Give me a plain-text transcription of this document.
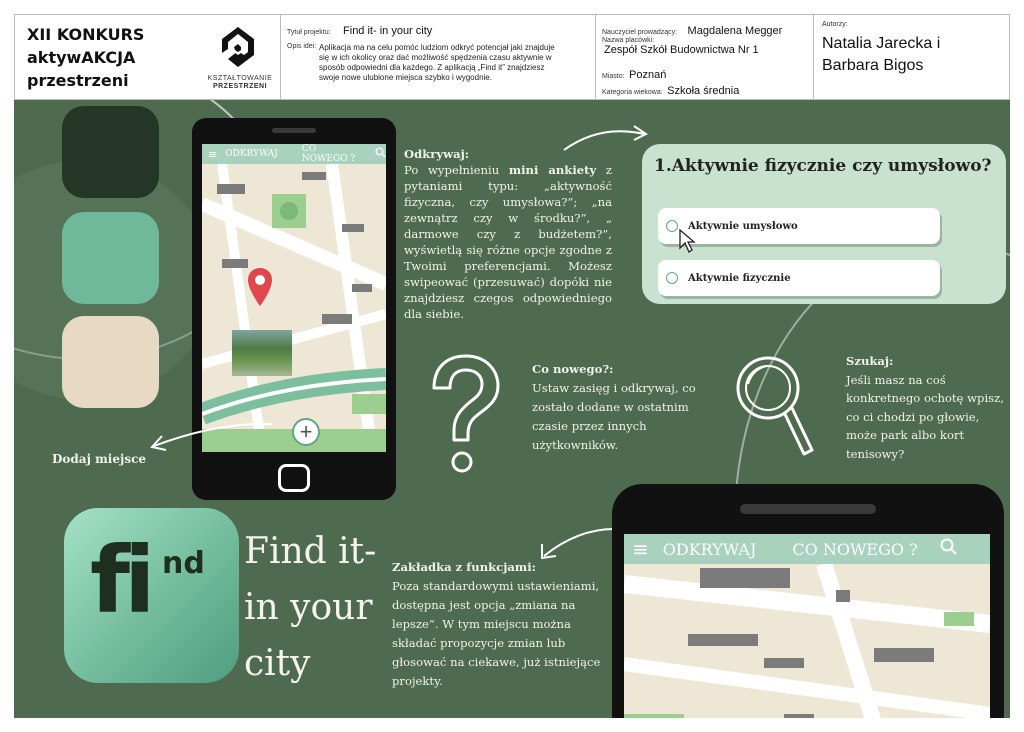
XII KONKURS
aktywAKCJA
przestrzeni	KSZTAŁTOWANIE
PRZESTRZENI
Tytuł projektu: Find it- in your city
Opis idei: Aplikacja ma na celu pomóc ludziom odkryć potencjał jaki znajduje się w ich okolicy oraz dać możliwość spędzenia czasu aktywnie w sposób odpowiedni dla każdego. Z aplikacją „Find it” znajdziesz swoje nowe ulubione miejsca szybko i wygodnie.
Nauczyciel prowadzący: Magdalena Megger
Nazwa placówki:
Zespół Szkół Budownictwa Nr 1
Miasto: Poznań
Kategoria wiekowa: Szkoła średnia
Autorzy:
Natalia Jarecka i
Barbara Bigos
≡ ODKRYWAJ	CO NOWEGO ?
+
Odkrywaj:
Po wypełnieniu mini ankiety z pytaniami typu: „aktywność fizyczna, czy umysłowa?”; „na zewnątrz czy w środku?”, „ darmowe czy z budżetem?”, wyświetlą się różne opcje zgodne z Twoimi preferencjami. Możesz swipeować (przesuwać) dopóki nie znajdziesz czegos odpowiedniego dla siebie.
1.Aktywnie fizycznie czy umysłowo?
Aktywnie umysłowo
Aktywnie fizycznie
Co nowego?:
Ustaw zasięg i odkrywaj, co zostało dodane w ostatnim czasie przez innych użytkowników.
Szukaj:
Jeśli masz na coś konkretnego ochotę wpisz, co ci chodzi po głowie, może park albo kort tenisowy?
Dodaj miejsce
fi nd Find it-
in your
city
Zakładka z funkcjami:
Poza standardowymi ustawieniami, dostępna jest opcja „zmiana na lepsze”. W tym miejscu można składać propozycje zmian lub głosować na ciekawe, już istniejące projekty.
≡ ODKRYWAJ CO NOWEGO ?
